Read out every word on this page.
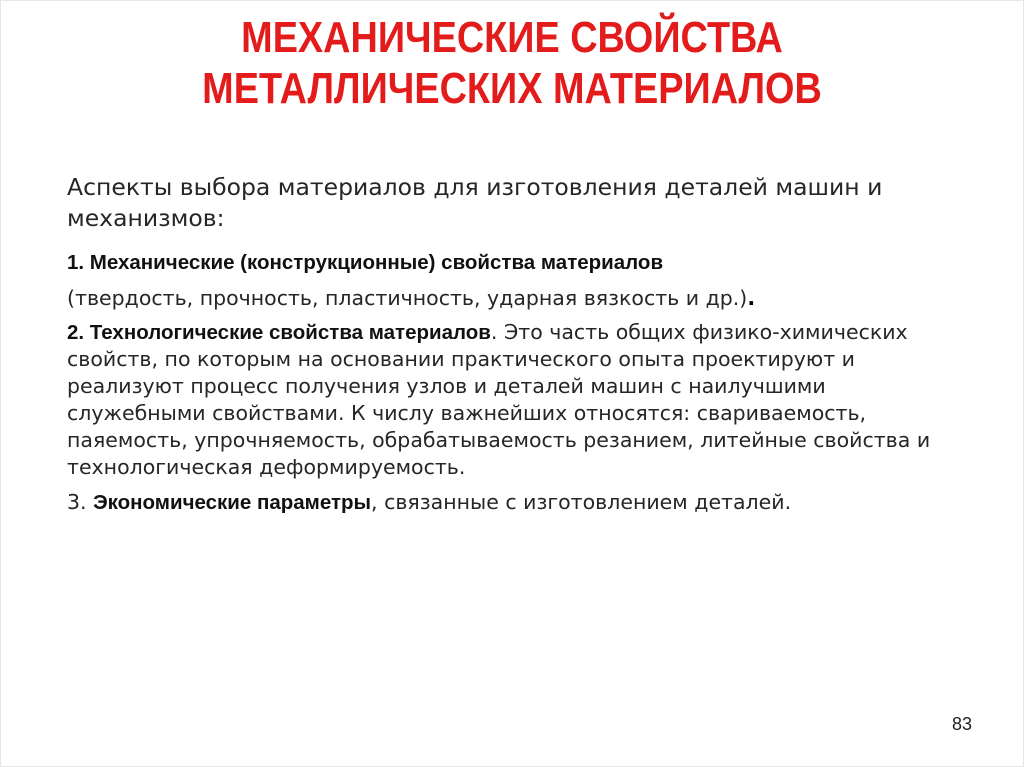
МЕХАНИЧЕСКИЕ СВОЙСТВА
МЕТАЛЛИЧЕСКИХ МАТЕРИАЛОВ

Аспекты выбора материалов для изготовления деталей машин и механизмов:

1. Механические (конструкционные) свойства материалов

(твердость, прочность, пластичность, ударная вязкость и др.).

2. Технологические свойства материалов. Это часть общих физико-химических свойств, по которым на основании практического опыта проектируют и реализуют процесс получения узлов и деталей машин с наилучшими служебными свойствами. К числу важнейших относятся: свариваемость, паяемость, упрочняемость, обрабатываемость резанием, литейные свойства и технологическая деформируемость.

3. Экономические параметры, связанные с изготовлением деталей.

83
